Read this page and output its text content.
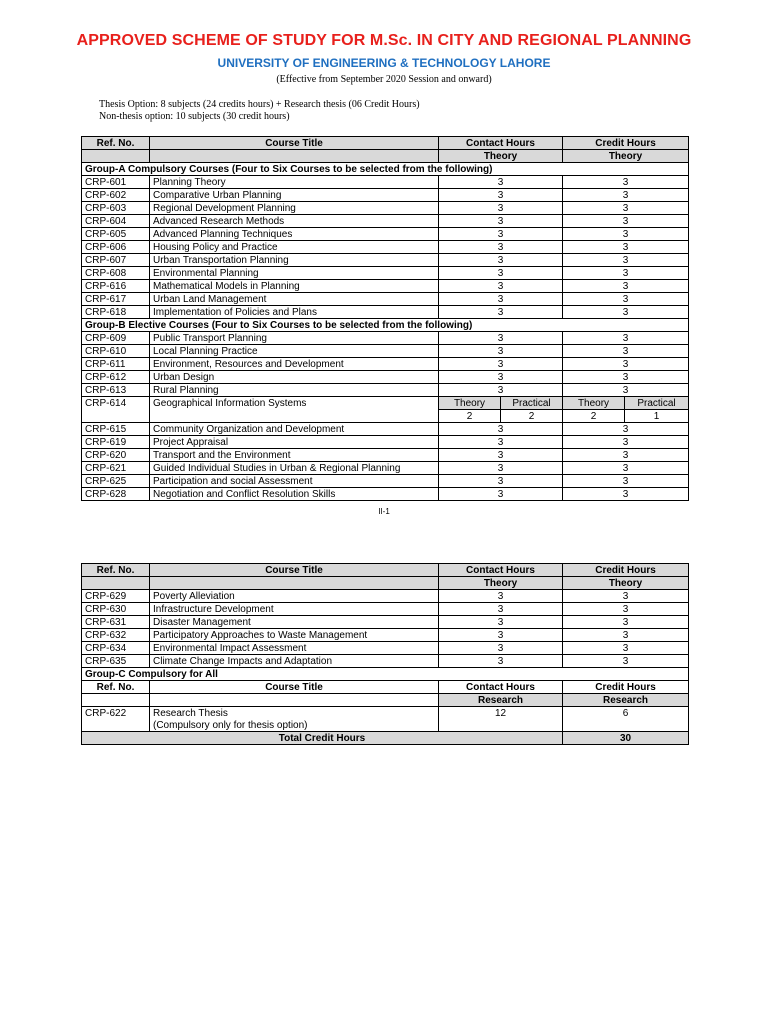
APPROVED SCHEME OF STUDY FOR M.Sc. IN CITY AND REGIONAL PLANNING
UNIVERSITY OF ENGINEERING & TECHNOLOGY LAHORE
(Effective from September 2020 Session and onward)
Thesis Option: 8 subjects (24 credits hours) + Research thesis (06 Credit Hours)
Non-thesis option: 10 subjects (30 credit hours)
Ref. No.	Course Title	Contact Hours		Credit Hours	
		Theory		Theory	
Group-A Compulsory Courses (Four to Six Courses to be selected from the following)					
CRP-601	Planning Theory	3		3	
CRP-602	Comparative Urban Planning	3		3	
CRP-603	Regional Development Planning	3		3	
CRP-604	Advanced Research Methods	3		3	
CRP-605	Advanced Planning Techniques	3		3	
CRP-606	Housing Policy and Practice	3		3	
CRP-607	Urban Transportation Planning	3		3	
CRP-608	Environmental Planning	3		3	
CRP-616	Mathematical Models in Planning	3		3	
CRP-617	Urban Land Management	3		3	
CRP-618	Implementation of Policies and Plans	3		3	
Group-B Elective Courses (Four to Six Courses to be selected from the following)					
CRP-609	Public Transport Planning	3		3	
CRP-610	Local Planning Practice	3		3	
CRP-611	Environment, Resources and Development	3		3	
CRP-612	Urban Design	3		3	
CRP-613	Rural Planning	3		3	
CRP-614	Geographical Information Systems	Theory	Practical	Theory	Practical
		2	2	2	1
CRP-615	Community Organization and Development	3		3	
CRP-619	Project Appraisal	3		3	
CRP-620	Transport and the Environment	3		3	
CRP-621	Guided Individual Studies in Urban & Regional Planning	3		3	
CRP-625	Participation and social Assessment	3		3	
CRP-628	Negotiation and Conflict Resolution Skills	3		3	
II-1
Ref. No.	Course Title	Contact Hours	Credit Hours
		Theory	Theory
CRP-629	Poverty Alleviation	3	3
CRP-630	Infrastructure Development	3	3
CRP-631	Disaster Management	3	3
CRP-632	Participatory Approaches to Waste Management	3	3
CRP-634	Environmental Impact Assessment	3	3
CRP-635	Climate Change Impacts and Adaptation	3	3
Group-C Compulsory for All			
Ref. No.	Course Title	Contact Hours	Credit Hours
		Research	Research
CRP-622	Research Thesis	12	6
	(Compulsory only for thesis option)		
Total Credit Hours			30
